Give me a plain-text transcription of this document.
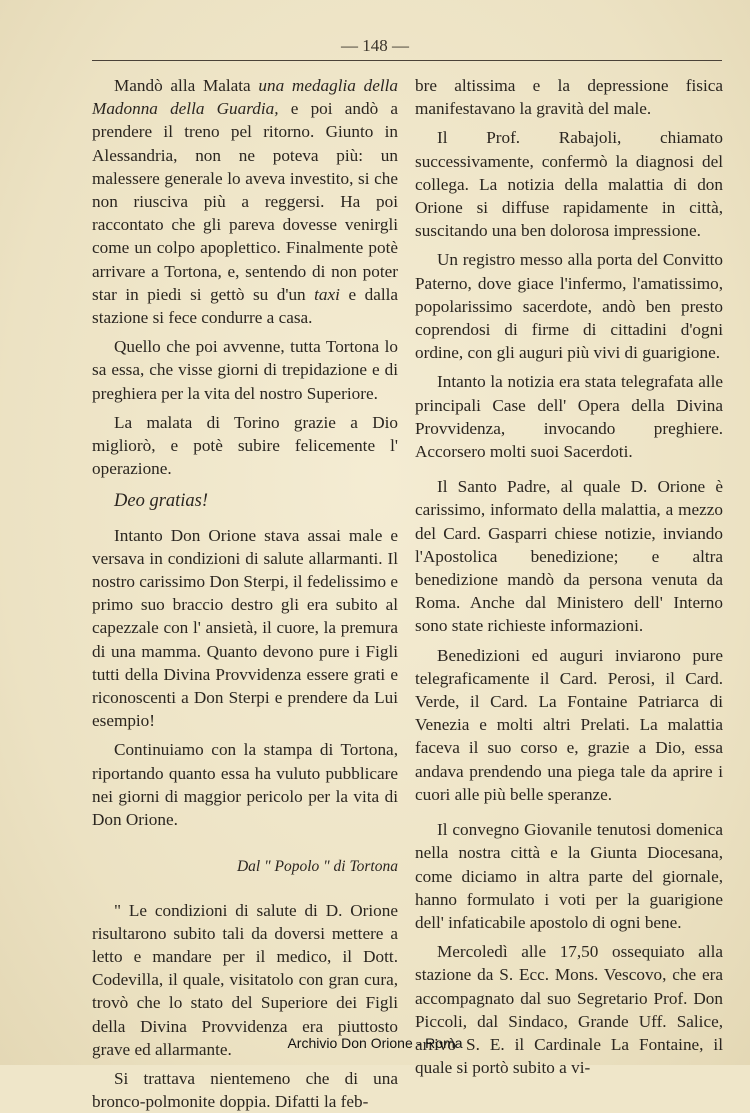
— 148 —

Mandò alla Malata una medaglia della Madonna della Guardia, e poi andò a prendere il treno pel ritorno. Giunto in Alessandria, non ne poteva più: un malessere generale lo aveva investito, si che non riusciva più a reggersi. Ha poi raccontato che gli pareva dovesse venirgli come un colpo apoplettico. Finalmente potè arrivare a Tortona, e, sentendo di non poter star in piedi si gettò su d'un taxi e dalla stazione si fece condurre a casa.

Quello che poi avvenne, tutta Tortona lo sa essa, che visse giorni di trepidazione e di preghiera per la vita del nostro Superiore.

La malata di Torino grazie a Dio migliorò, e potè subire felicemente l' operazione.

Deo gratias!

Intanto Don Orione stava assai male e versava in condizioni di salute allarmanti. Il nostro carissimo Don Sterpi, il fedelissimo e primo suo braccio destro gli era subito al capezzale con l' ansietà, il cuore, la premura di una mamma. Quanto devono pure i Figli tutti della Divina Provvidenza essere grati e riconoscenti a Don Sterpi e prendere da Lui esempio!

Continuiamo con la stampa di Tortona, riportando quanto essa ha vuluto pubblicare nei giorni di maggior pericolo per la vita di Don Orione.

Dal " Popolo " di Tortona

" Le condizioni di salute di D. Orione risultarono subito tali da doversi mettere a letto e mandare per il medico, il Dott. Codevilla, il quale, visitatolo con gran cura, trovò che lo stato del Superiore dei Figli della Divina Provvidenza era piuttosto grave ed allarmante.

Si trattava nientemeno che di una bronco-polmonite doppia. Difatti la feb-

bre altissima e la depressione fisica manifestavano la gravità del male.

Il Prof. Rabajoli, chiamato successivamente, confermò la diagnosi del collega. La notizia della malattia di don Orione si diffuse rapidamente in città, suscitando una ben dolorosa impressione.

Un registro messo alla porta del Convitto Paterno, dove giace l'infermo, l'amatissimo, popolarissimo sacerdote, andò ben presto coprendosi di firme di cittadini d'ogni ordine, con gli auguri più vivi di guarigione.

Intanto la notizia era stata telegrafata alle principali Case dell' Opera della Divina Provvidenza, invocando preghiere. Accorsero molti suoi Sacerdoti.

Il Santo Padre, al quale D. Orione è carissimo, informato della malattia, a mezzo del Card. Gasparri chiese notizie, inviando l'Apostolica benedizione; e altra benedizione mandò da persona venuta da Roma. Anche dal Ministero dell' Interno sono state richieste informazioni.

Benedizioni ed auguri inviarono pure telegraficamente il Card. Perosi, il Card. Verde, il Card. La Fontaine Patriarca di Venezia e molti altri Prelati. La malattia faceva il suo corso e, grazie a Dio, essa andava prendendo una piega tale da aprire i cuori alle più belle speranze.

Il convegno Giovanile tenutosi domenica nella nostra città e la Giunta Diocesana, come diciamo in altra parte del giornale, hanno formulato i voti per la guarigione dell' infaticabile apostolo di ogni bene.

Mercoledì alle 17,50 ossequiato alla stazione da S. Ecc. Mons. Vescovo, che era accompagnato dal suo Segretario Prof. Don Piccoli, dal Sindaco, Grande Uff. Salice, arrivò S. E. il Cardinale La Fontaine, il quale si portò subito a vi-

Archivio Don Orione - Roma
